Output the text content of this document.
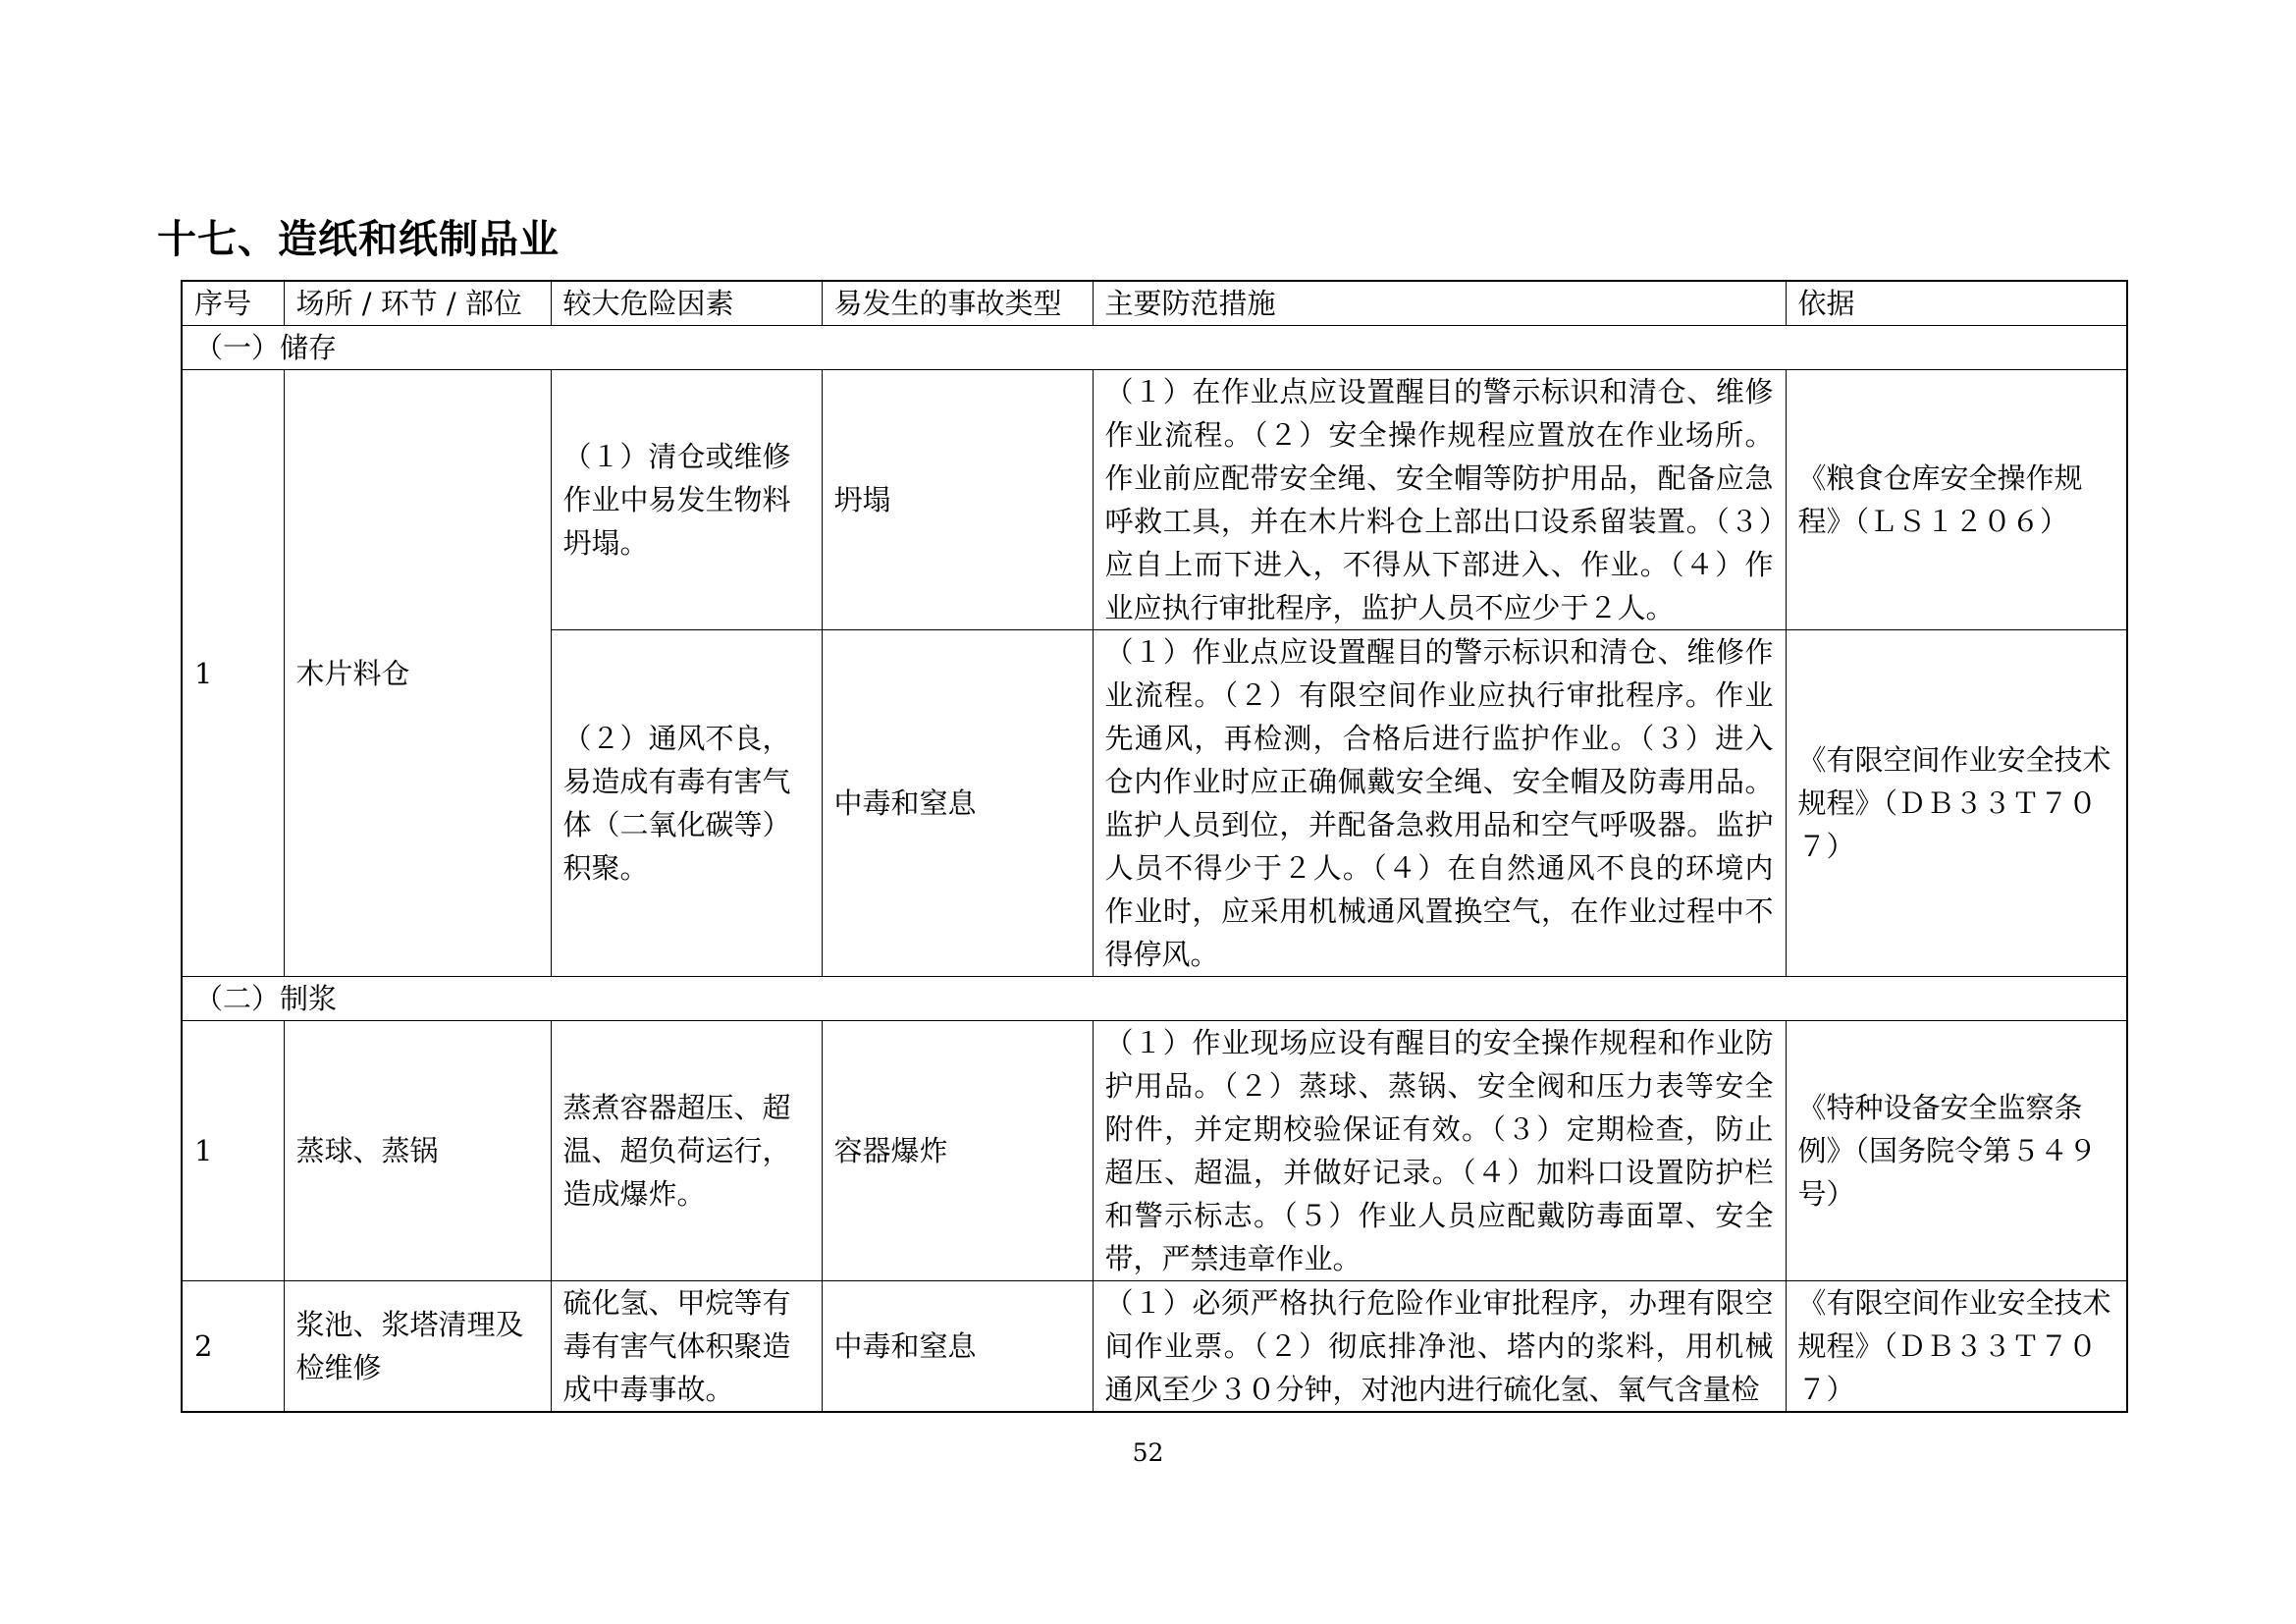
十七、造纸和纸制品业
序号	场所 / 环节 / 部位	较大危险因素	易发生的事故类型	主要防范措施	依据
（一）储存					
1	木片料仓	（１）清仓或维修作业中易发生物料坍塌。	坍塌	（１）在作业点应设置醒目的警示标识和清仓、维修作业流程。（２）安全操作规程应置放在作业场所。作业前应配带安全绳、安全帽等防护用品，配备应急呼救工具，并在木片料仓上部出口设系留装置。（３）应自上而下进入，不得从下部进入、作业。（４）作业应执行审批程序，监护人员不应少于２人。	《粮食仓库安全操作规程》（ＬＳ１２０６）
		（２）通风不良，易造成有毒有害气体（二氧化碳等）积聚。	中毒和窒息	（１）作业点应设置醒目的警示标识和清仓、维修作业流程。（２）有限空间作业应执行审批程序。作业先通风，再检测，合格后进行监护作业。（３）进入仓内作业时应正确佩戴安全绳、安全帽及防毒用品。监护人员到位，并配备急救用品和空气呼吸器。监护人员不得少于２人。（４）在自然通风不良的环境内作业时，应采用机械通风置换空气，在作业过程中不得停风。	《有限空间作业安全技术规程》（ＤＢ３３Ｔ７０７）
（二）制浆					
1	蒸球、蒸锅	蒸煮容器超压、超温、超负荷运行，造成爆炸。	容器爆炸	（１）作业现场应设有醒目的安全操作规程和作业防护用品。（２）蒸球、蒸锅、安全阀和压力表等安全附件，并定期校验保证有效。（３）定期检查，防止超压、超温，并做好记录。（４）加料口设置防护栏和警示标志。（５）作业人员应配戴防毒面罩、安全带，严禁违章作业。	《特种设备安全监察条例》（国务院令第５４９号）
2	浆池、浆塔清理及检维修	硫化氢、甲烷等有毒有害气体积聚造成中毒事故。	中毒和窒息	（１）必须严格执行危险作业审批程序，办理有限空间作业票。（２）彻底排净池、塔内的浆料，用机械通风至少３０分钟，对池内进行硫化氢、氧气含量检	《有限空间作业安全技术规程》（ＤＢ３３Ｔ７０７）
52
